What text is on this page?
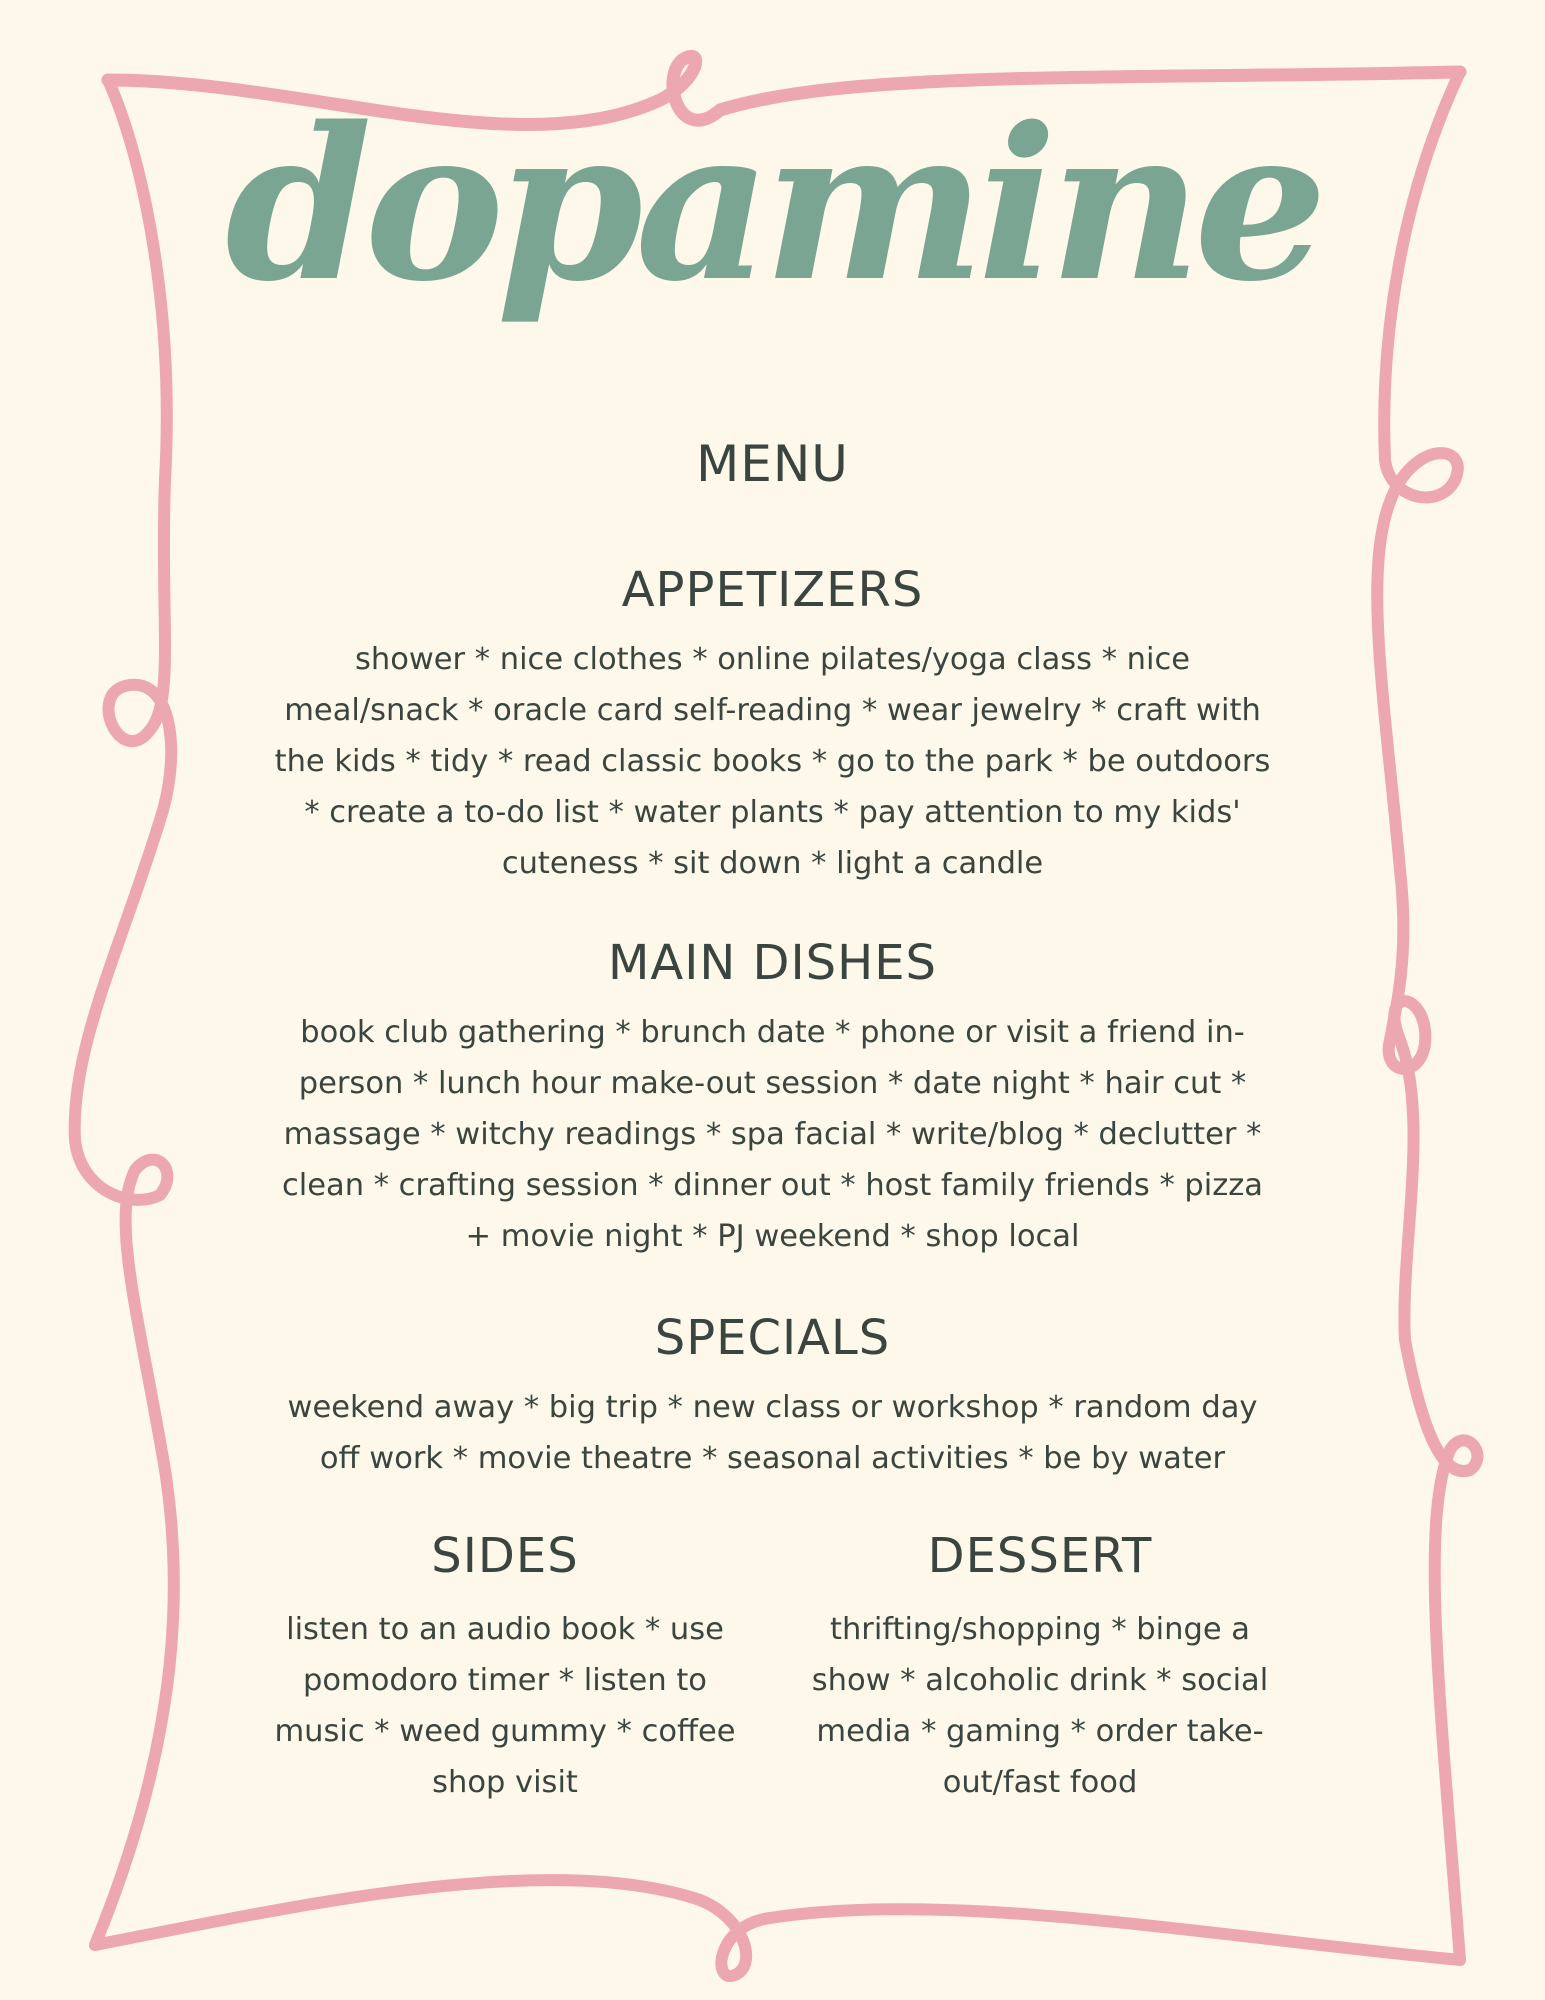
dopamine
MENU
APPETIZERS

shower * nice clothes * online pilates/yoga class * nice meal/snack * oracle card self-reading * wear jewelry * craft with the kids * tidy * read classic books * go to the park * be outdoors * create a to-do list * water plants * pay attention to my kids' cuteness * sit down * light a candle

MAIN DISHES

book club gathering * brunch date * phone or visit a friend in-person * lunch hour make-out session * date night * hair cut * massage * witchy readings * spa facial * write/blog * declutter * clean * crafting session * dinner out * host family friends * pizza + movie night * PJ weekend * shop local

SPECIALS

weekend away * big trip * new class or workshop * random day off work * movie theatre * seasonal activities * be by water

SIDES

listen to an audio book * use pomodoro timer * listen to music * weed gummy * coffee shop visit

DESSERT

thrifting/shopping * binge a show * alcoholic drink * social media * gaming * order take-out/fast food
